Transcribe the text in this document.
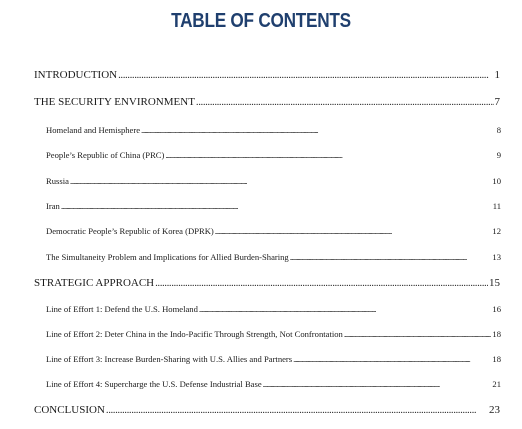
TABLE OF CONTENTS
INTRODUCTION . . .	1
THE SECURITY ENVIRONMENT . . .	7
Homeland and Hemisphere . . .	8
People’s Republic of China (PRC) . . .	9
Russia . . .	10
Iran . . .	11
Democratic People’s Republic of Korea (DPRK) . . .	12
The Simultaneity Problem and Implications for Allied Burden-Sharing . . .	13
STRATEGIC APPROACH . . .	15
Line of Effort 1: Defend the U.S. Homeland . . .	16
Line of Effort 2: Deter China in the Indo-Pacific Through Strength, Not Confrontation . . .	18
Line of Effort 3: Increase Burden-Sharing with U.S. Allies and Partners . . .	18
Line of Effort 4: Supercharge the U.S. Defense Industrial Base . . .	21
CONCLUSION . . .	23
